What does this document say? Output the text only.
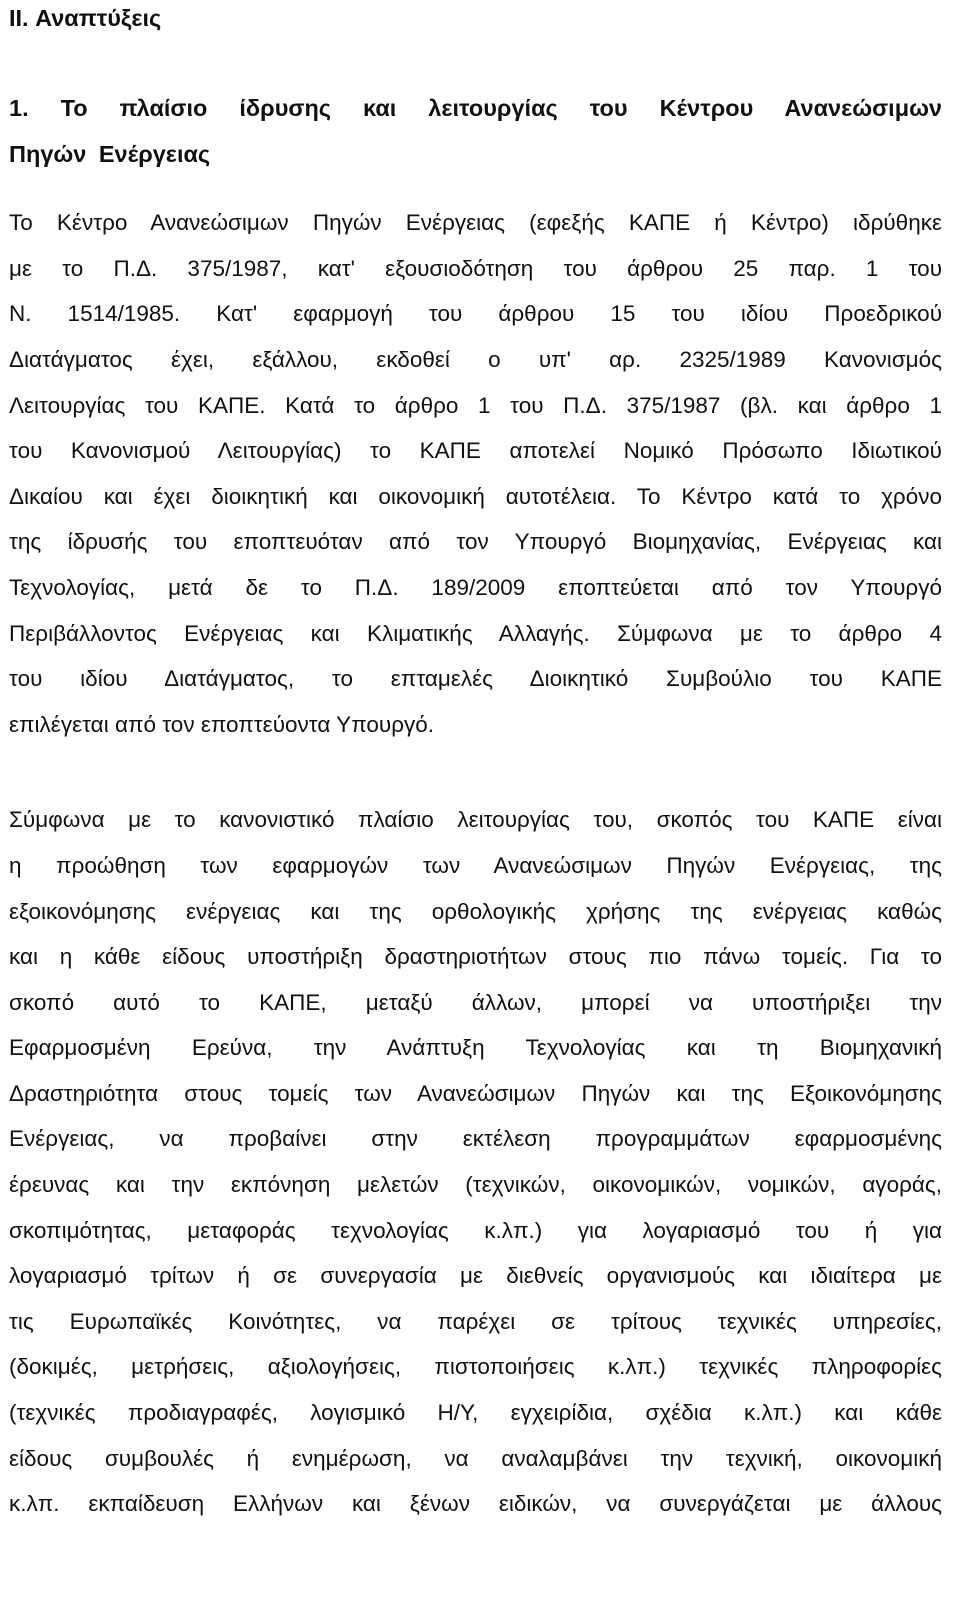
II. Αναπτύξεις
1. Το πλαίσιο ίδρυσης και λειτουργίας του Κέντρου Ανανεώσιμων
Πηγών Ενέργειας
Το Κέντρο Ανανεώσιμων Πηγών Ενέργειας (εφεξής ΚΑΠΕ ή Κέντρο) ιδρύθηκε
με το Π.Δ. 375/1987, κατ' εξουσιοδότηση του άρθρου 25 παρ. 1 του
Ν. 1514/1985. Κατ' εφαρμογή του άρθρου 15 του ιδίου Προεδρικού
Διατάγματος έχει, εξάλλου, εκδοθεί ο υπ' αρ. 2325/1989 Κανονισμός
Λειτουργίας του ΚΑΠΕ. Κατά το άρθρο 1 του Π.Δ. 375/1987 (βλ. και άρθρο 1
του Κανονισμού Λειτουργίας) το ΚΑΠΕ αποτελεί Νομικό Πρόσωπο Ιδιωτικού
Δικαίου και έχει διοικητική και οικονομική αυτοτέλεια. Το Κέντρο κατά το χρόνο
της ίδρυσής του εποπτευόταν από τον Υπουργό Βιομηχανίας, Ενέργειας και
Τεχνολογίας, μετά δε το Π.Δ. 189/2009 εποπτεύεται από τον Υπουργό
Περιβάλλοντος Ενέργειας και Κλιματικής Αλλαγής. Σύμφωνα με το άρθρο 4
του ιδίου Διατάγματος, το επταμελές Διοικητικό Συμβούλιο του ΚΑΠΕ
επιλέγεται από τον εποπτεύοντα Υπουργό.
Σύμφωνα με το κανονιστικό πλαίσιο λειτουργίας του, σκοπός του ΚΑΠΕ είναι
η προώθηση των εφαρμογών των Ανανεώσιμων Πηγών Ενέργειας, της
εξοικονόμησης ενέργειας και της ορθολογικής χρήσης της ενέργειας καθώς
και η κάθε είδους υποστήριξη δραστηριοτήτων στους πιο πάνω τομείς. Για το
σκοπό αυτό το ΚΑΠΕ, μεταξύ άλλων, μπορεί να υποστήριξει την
Εφαρμοσμένη Ερεύνα, την Ανάπτυξη Τεχνολογίας και τη Βιομηχανική
Δραστηριότητα στους τομείς των Ανανεώσιμων Πηγών και της Εξοικονόμησης
Ενέργειας, να προβαίνει στην εκτέλεση προγραμμάτων εφαρμοσμένης
έρευνας και την εκπόνηση μελετών (τεχνικών, οικονομικών, νομικών, αγοράς,
σκοπιμότητας, μεταφοράς τεχνολογίας κ.λπ.) για λογαριασμό του ή για
λογαριασμό τρίτων ή σε συνεργασία με διεθνείς οργανισμούς και ιδιαίτερα με
τις Ευρωπαϊκές Κοινότητες, να παρέχει σε τρίτους τεχνικές υπηρεσίες,
(δοκιμές, μετρήσεις, αξιολογήσεις, πιστοποιήσεις κ.λπ.) τεχνικές πληροφορίες
(τεχνικές προδιαγραφές, λογισμικό Η/Υ, εγχειρίδια, σχέδια κ.λπ.) και κάθε
είδους συμβουλές ή ενημέρωση, να αναλαμβάνει την τεχνική, οικονομική
κ.λπ. εκπαίδευση Ελλήνων και ξένων ειδικών, να συνεργάζεται με άλλους
